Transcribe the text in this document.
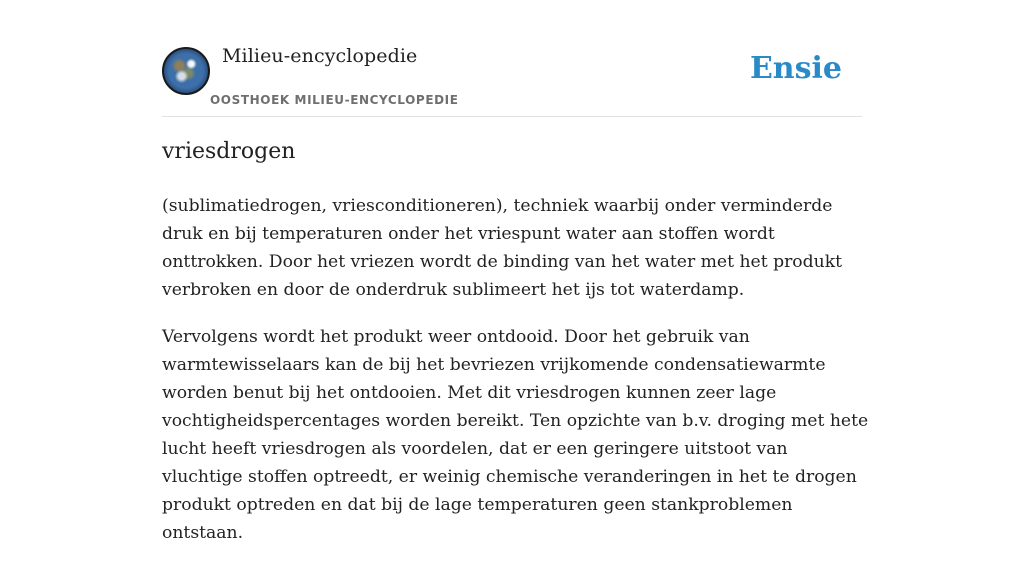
Milieu-encyclopedie
OOSTHOEK MILIEU-ENCYCLOPEDIE
Ensie
vriesdrogen

(sublimatiedrogen, vriesconditioneren), techniek waarbij onder verminderde druk en bij temperaturen onder het vriespunt water aan stoffen wordt onttrokken. Door het vriezen wordt de binding van het water met het produkt verbroken en door de onderdruk sublimeert het ijs tot waterdamp.

Vervolgens wordt het produkt weer ontdooid. Door het gebruik van warmtewisselaars kan de bij het bevriezen vrijkomende condensatiewarmte worden benut bij het ontdooien. Met dit vriesdrogen kunnen zeer lage vochtigheidspercentages worden bereikt. Ten opzichte van b.v. droging met hete lucht heeft vriesdrogen als voordelen, dat er een geringere uitstoot van vluchtige stoffen optreedt, er weinig chemische veranderingen in het te drogen produkt optreden en dat bij de lage temperaturen geen stankproblemen ontstaan.
